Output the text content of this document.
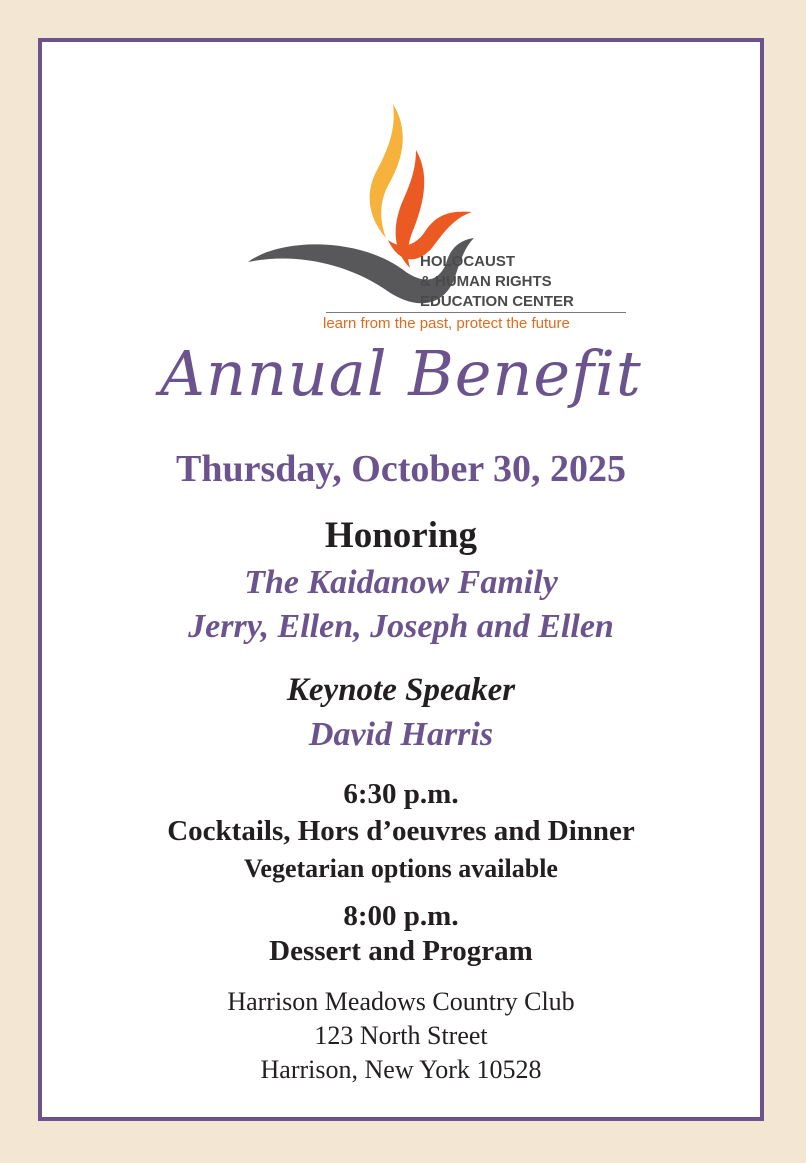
HOLOCAUST
& HUMAN RIGHTS
EDUCATION CENTER
learn from the past, protect the future
Annual Benefit
Thursday, October 30, 2025
Honoring
The Kaidanow Family
Jerry, Ellen, Joseph and Ellen
Keynote Speaker
David Harris
6:30 p.m.
Cocktails, Hors d’oeuvres and Dinner
Vegetarian options available
8:00 p.m.
Dessert and Program
Harrison Meadows Country Club
123 North Street
Harrison, New York 10528
